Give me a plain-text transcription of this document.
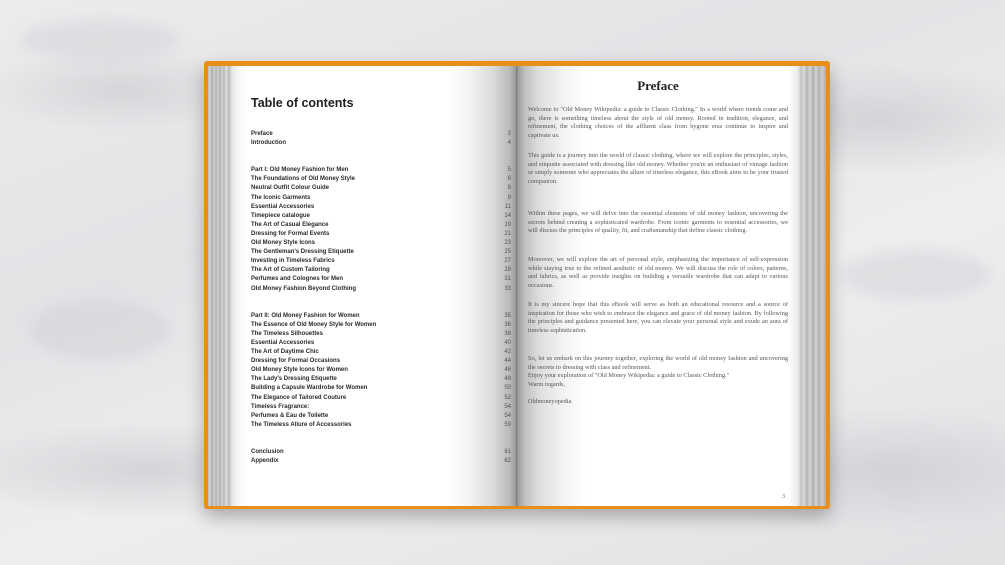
Table of contents
Preface	3
Introduction	4
Part I: Old Money Fashion for Men	5
The Foundations of Old Money Style	6
Neutral Outfit Colour Guide	8
The Iconic Garments	9
Essential Accessories	11
Timepiece catalogue	14
The Art of Casual Elegance	19
Dressing for Formal Events	21
Old Money Style Icons	23
The Gentleman's Dressing Etiquette	25
Investing in Timeless Fabrics	27
The Art of Custom Tailoring	28
Perfumes and Colognes for Men	31
Old Money Fashion Beyond Clothing	33
Part II: Old Money Fashion for Women	35
The Essence of Old Money Style for Women	36
The Timeless Silhouettes	38
Essential Accessories	40
The Art of Daytime Chic	42
Dressing for Formal Occasions	44
Old Money Style Icons for Women	46
The Lady's Dressing Etiquette	48
Building a Capsule Wardrobe for Women	50
The Elegance of Tailored Couture	52
Timeless Fragrance:	54
Perfumes & Eau de Toilette	54
The Timeless Allure of Accessories	59
Conclusion	61
Appendix	62
Preface

Welcome to "Old Money Wikipedia: a guide to Classic Clothing." In a world where trends come and go, there is something timeless about the style of old money. Rooted in tradition, elegance, and refinement, the clothing choices of the affluent class from bygone eras continue to inspire and captivate us.

This guide is a journey into the world of classic clothing, where we will explore the principles, styles, and etiquette associated with dressing like old money. Whether you're an enthusiast of vintage fashion or simply someone who appreciates the allure of timeless elegance, this eBook aims to be your trusted companion.

Within these pages, we will delve into the essential elements of old money fashion, uncovering the secrets behind creating a sophisticated wardrobe. From iconic garments to essential accessories, we will discuss the principles of quality, fit, and craftsmanship that define classic clothing.

Moreover, we will explore the art of personal style, emphasizing the importance of self-expression while staying true to the refined aesthetic of old money. We will discuss the role of colors, patterns, and fabrics, as well as provide insights on building a versatile wardrobe that can adapt to various occasions.

It is my sincere hope that this eBook will serve as both an educational resource and a source of inspiration for those who wish to embrace the elegance and grace of old money fashion. By following the principles and guidance presented here, you can elevate your personal style and exude an aura of timeless sophistication.

So, let us embark on this journey together, exploring the world of old money fashion and uncovering the secrets to dressing with class and refinement.

Enjoy your exploration of "Old Money Wikipedia: a guide to Classic Clothing."

Warm regards,

Oldmoneyopedia

3
